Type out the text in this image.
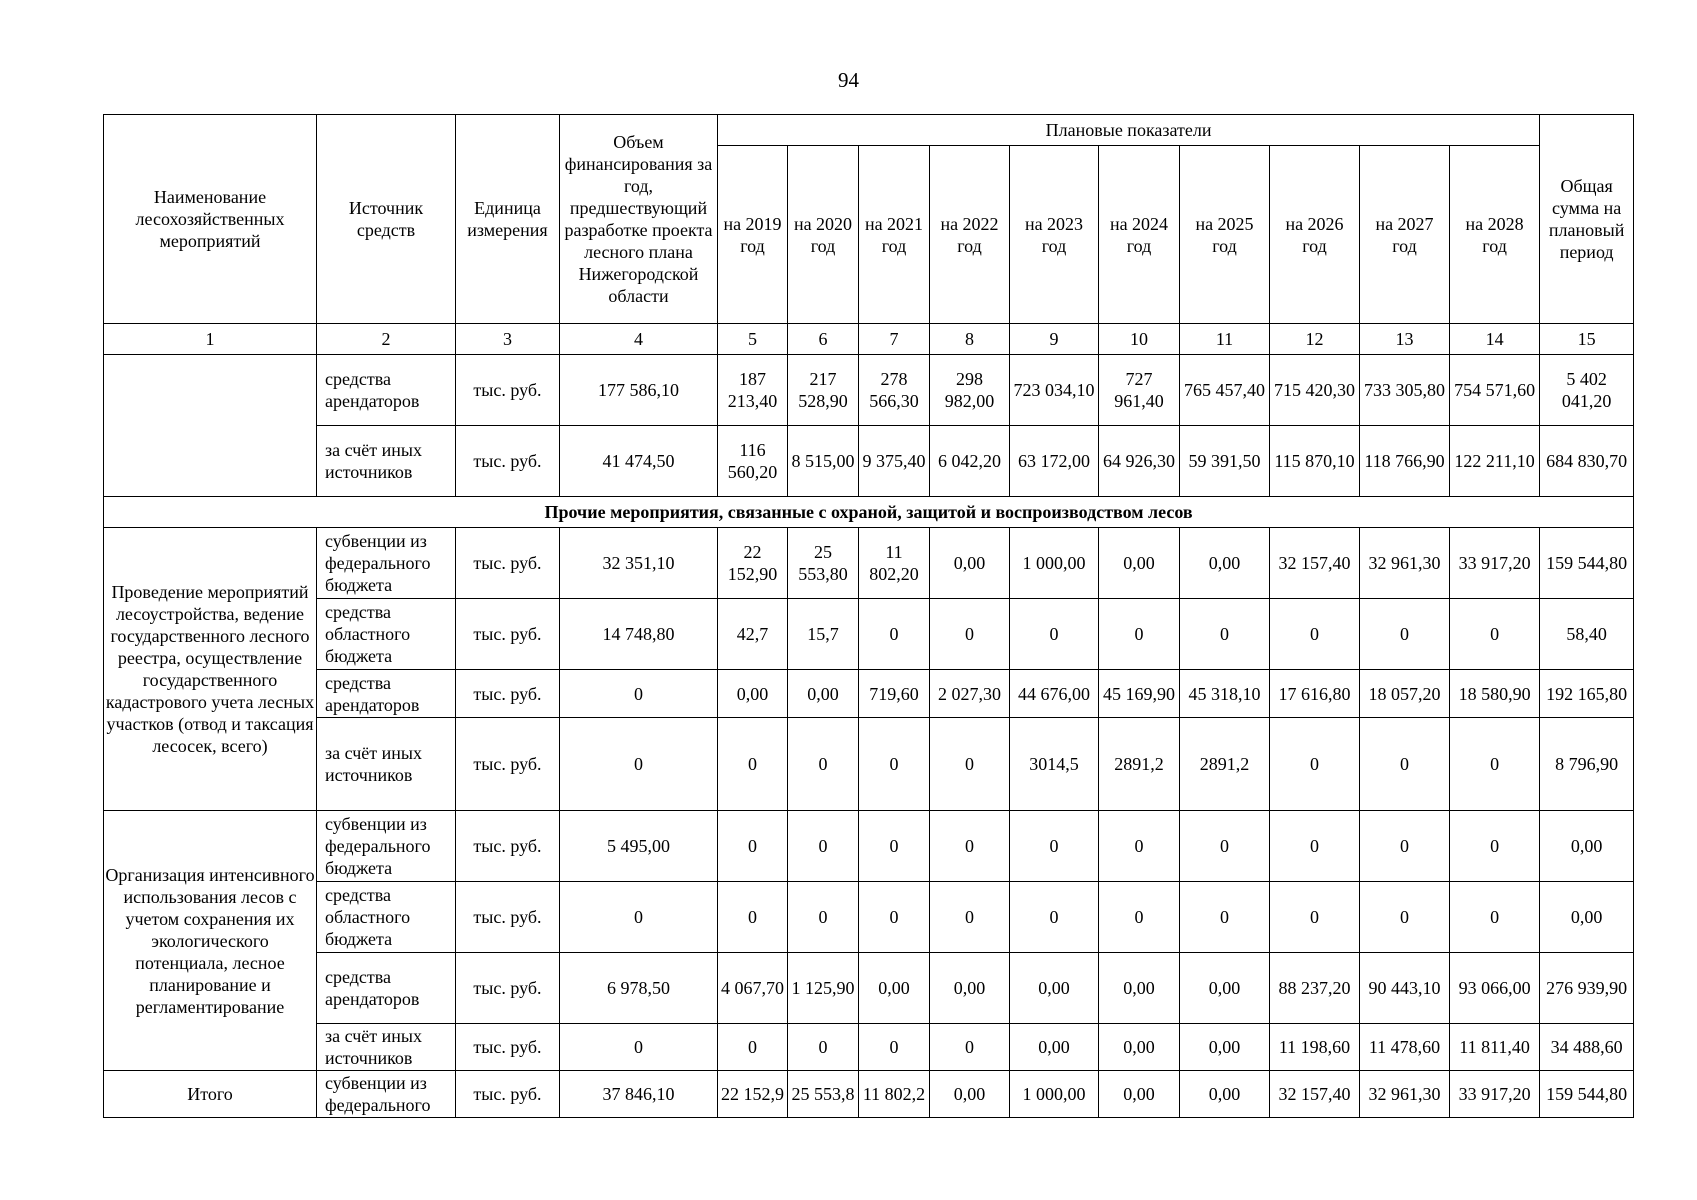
94
Наименование лесохозяйственных мероприятий	Источник средств	Единица измерения	Объем финансирования за год, предшествующий разработке проекта лесного плана Нижегородской области	Плановые показатели										Общая сумма на плановый период
				на 2019 год	на 2020 год	на 2021 год	на 2022 год	на 2023 год	на 2024 год	на 2025 год	на 2026 год	на 2027 год	на 2028 год	
1	2	3	4	5	6	7	8	9	10	11	12	13	14	15
	средства арендаторов	тыс. руб.	177 586,10	187 213,40	217 528,90	278 566,30	298 982,00	723 034,10	727 961,40	765 457,40	715 420,30	733 305,80	754 571,60	5 402 041,20
	за счёт иных источников	тыс. руб.	41 474,50	116 560,20	8 515,00	9 375,40	6 042,20	63 172,00	64 926,30	59 391,50	115 870,10	118 766,90	122 211,10	684 830,70
Прочие мероприятия, связанные с охраной, защитой и воспроизводством лесов														
Проведение мероприятий лесоустройства, ведение государственного лесного реестра, осуществление государственного кадастрового учета лесных участков (отвод и таксация лесосек, всего)	субвенции из федерального бюджета	тыс. руб.	32 351,10	22 152,90	25 553,80	11 802,20	0,00	1 000,00	0,00	0,00	32 157,40	32 961,30	33 917,20	159 544,80
	средства областного бюджета	тыс. руб.	14 748,80	42,7	15,7	0	0	0	0	0	0	0	0	58,40
	средства арендаторов	тыс. руб.	0	0,00	0,00	719,60	2 027,30	44 676,00	45 169,90	45 318,10	17 616,80	18 057,20	18 580,90	192 165,80
	за счёт иных источников	тыс. руб.	0	0	0	0	0	3014,5	2891,2	2891,2	0	0	0	8 796,90
Организация интенсивного использования лесов с учетом сохранения их экологического потенциала, лесное планирование и регламентирование	субвенции из федерального бюджета	тыс. руб.	5 495,00	0	0	0	0	0	0	0	0	0	0	0,00
	средства областного бюджета	тыс. руб.	0	0	0	0	0	0	0	0	0	0	0	0,00
	средства арендаторов	тыс. руб.	6 978,50	4 067,70	1 125,90	0,00	0,00	0,00	0,00	0,00	88 237,20	90 443,10	93 066,00	276 939,90
	за счёт иных источников	тыс. руб.	0	0	0	0	0	0,00	0,00	0,00	11 198,60	11 478,60	11 811,40	34 488,60
Итого	субвенции из федерального	тыс. руб.	37 846,10	22 152,9	25 553,8	11 802,2	0,00	1 000,00	0,00	0,00	32 157,40	32 961,30	33 917,20	159 544,80
